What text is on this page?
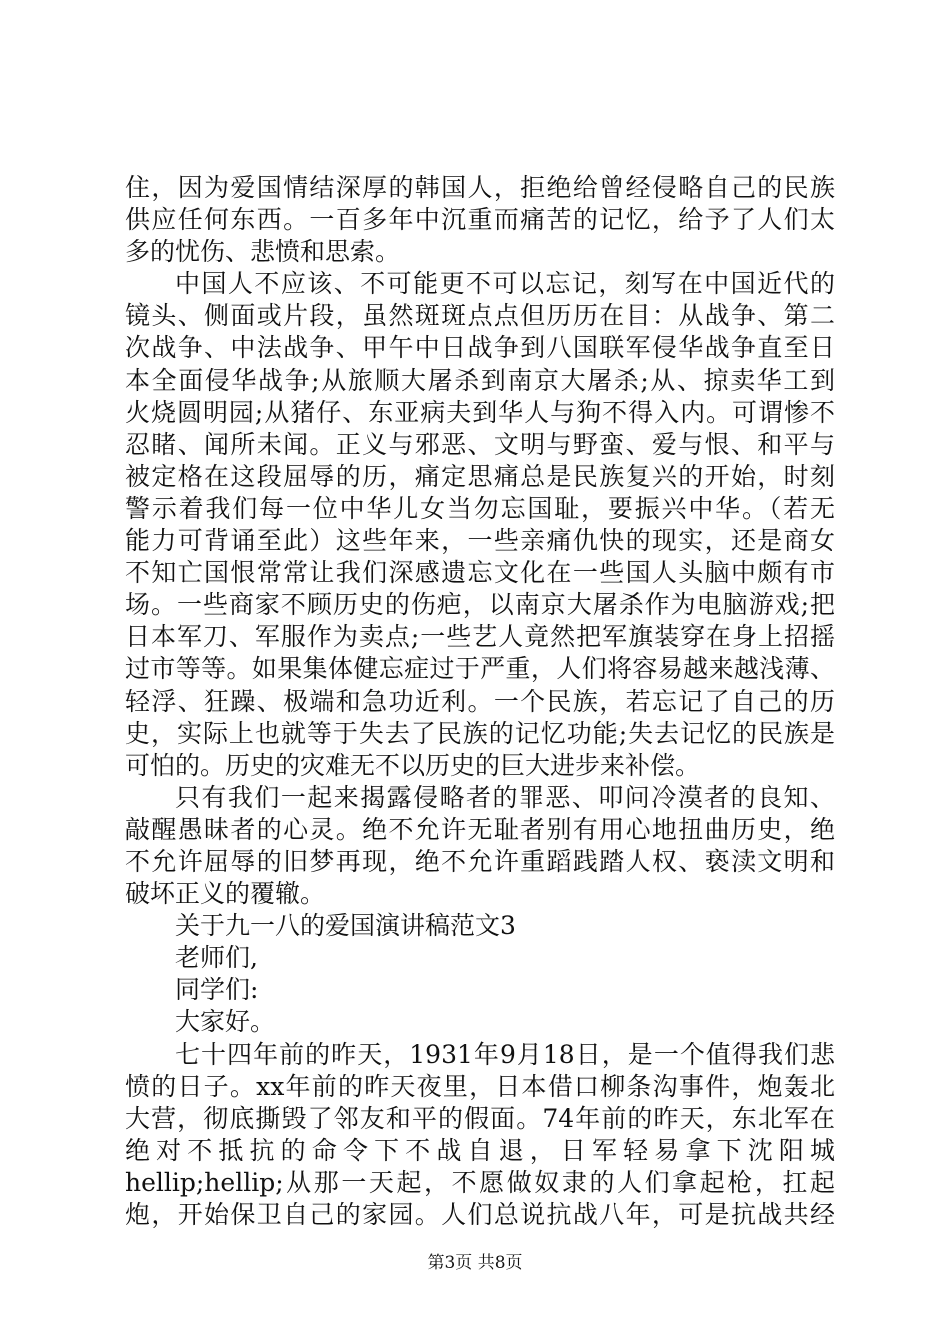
住，因为爱国情结深厚的韩国人，拒绝给曾经侵略自己的民族
供应任何东西。一百多年中沉重而痛苦的记忆，给予了人们太
多的忧伤、悲愤和思索。
中国人不应该、不可能更不可以忘记，刻写在中国近代的
镜头、侧面或片段，虽然斑斑点点但历历在目：从战争、第二
次战争、中法战争、甲午中日战争到八国联军侵华战争直至日
本全面侵华战争;从旅顺大屠杀到南京大屠杀;从、掠卖华工到
火烧圆明园;从猪仔、东亚病夫到华人与狗不得入内。可谓惨不
忍睹、闻所未闻。正义与邪恶、文明与野蛮、爱与恨、和平与
被定格在这段屈辱的历，痛定思痛总是民族复兴的开始，时刻
警示着我们每一位中华儿女当勿忘国耻，要振兴中华。（若无
能力可背诵至此）这些年来，一些亲痛仇快的现实，还是商女
不知亡国恨常常让我们深感遗忘文化在一些国人头脑中颇有市
场。一些商家不顾历史的伤疤，以南京大屠杀作为电脑游戏;把
日本军刀、军服作为卖点;一些艺人竟然把军旗装穿在身上招摇
过市等等。如果集体健忘症过于严重，人们将容易越来越浅薄、
轻浮、狂躁、极端和急功近利。一个民族，若忘记了自己的历
史，实际上也就等于失去了民族的记忆功能;失去记忆的民族是
可怕的。历史的灾难无不以历史的巨大进步来补偿。
只有我们一起来揭露侵略者的罪恶、叩问冷漠者的良知、
敲醒愚昧者的心灵。绝不允许无耻者别有用心地扭曲历史，绝
不允许屈辱的旧梦再现，绝不允许重蹈践踏人权、亵渎文明和
破坏正义的覆辙。
关于九一八的爱国演讲稿范文3
老师们,
同学们:
大家好。
七十四年前的昨天，1931年9月18日，是一个值得我们悲
愤的日子。xx年前的昨天夜里，日本借口柳条沟事件，炮轰北
大营，彻底撕毁了邻友和平的假面。74年前的昨天，东北军在
绝对不抵抗的命令下不战自退，日军轻易拿下沈阳城
hellip;hellip;从那一天起，不愿做奴隶的人们拿起枪，扛起
炮，开始保卫自己的家园。人们总说抗战八年，可是抗战共经
第3页 共8页
